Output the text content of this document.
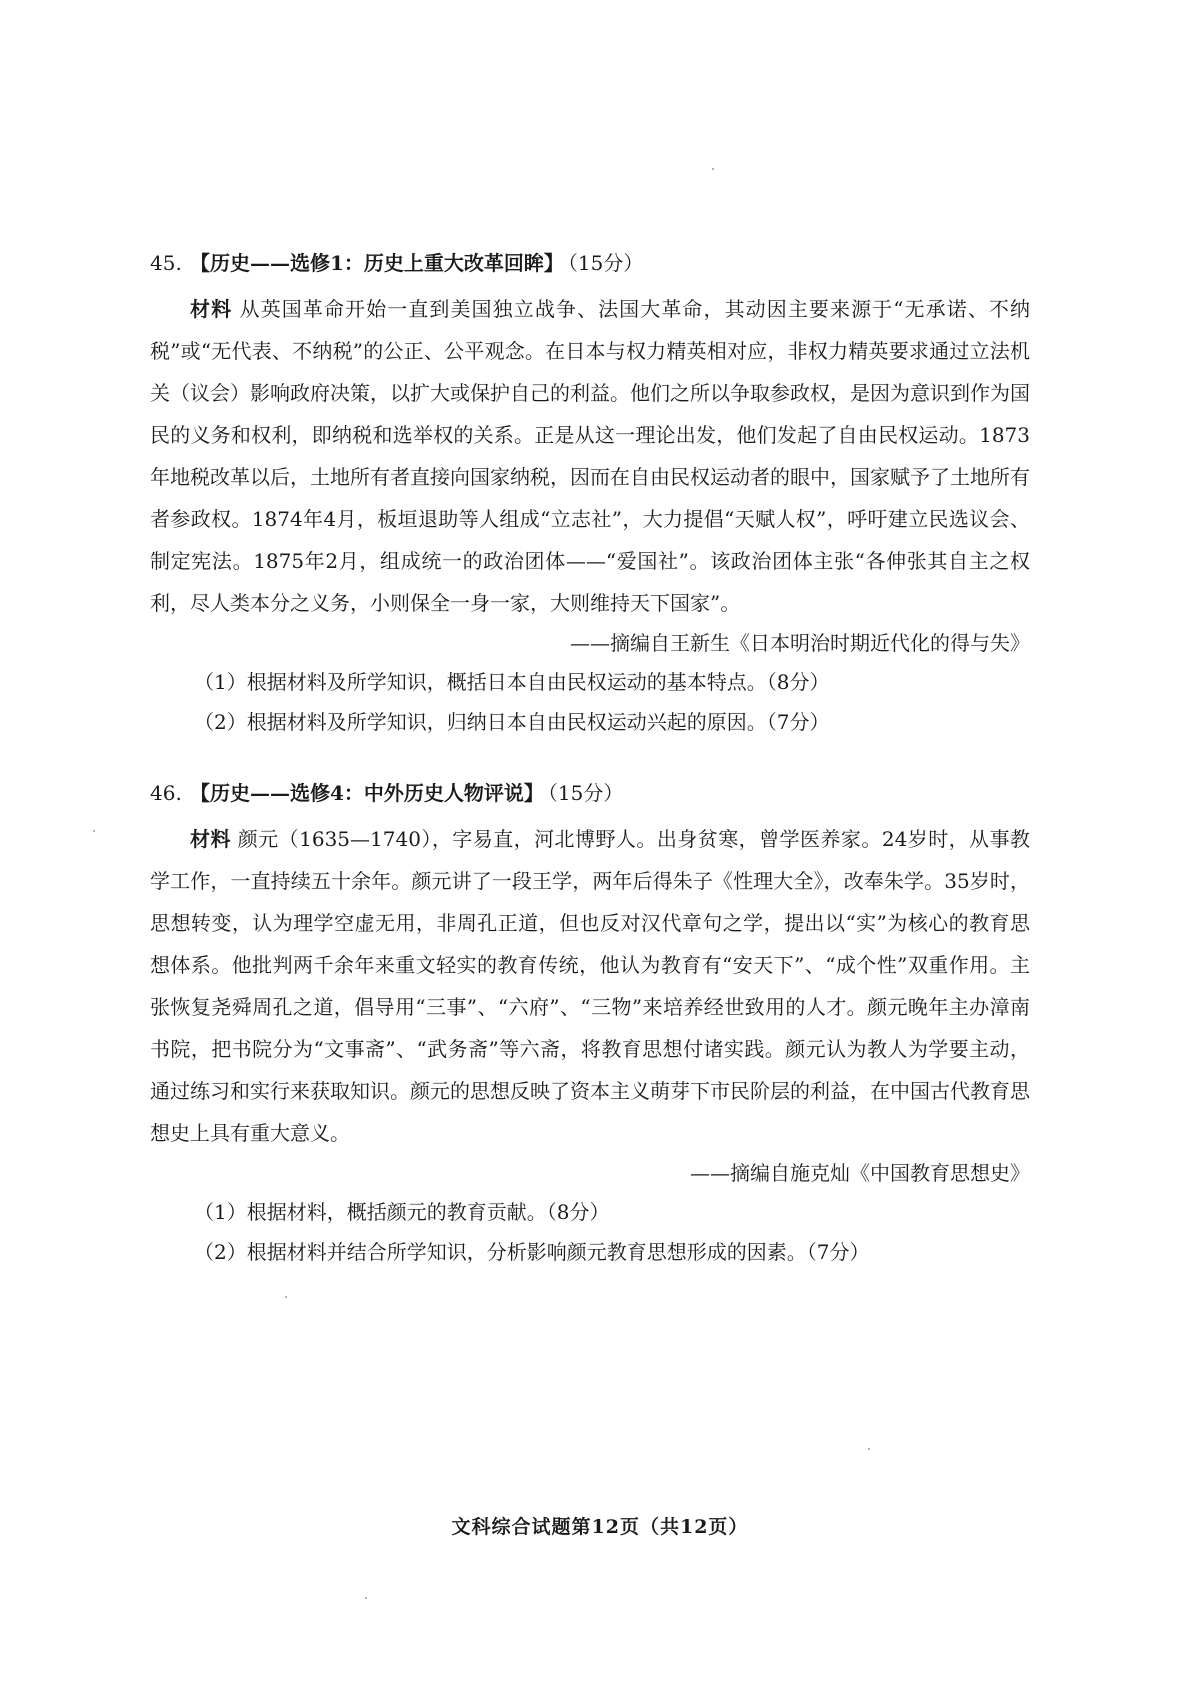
45. 【历史——选修1：历史上重大改革回眸】 （15分）
材料 从英国革命开始一直到美国独立战争、法国大革命，其动因主要来源于“无承诺、不纳税”或“无代表、不纳税”的公正、公平观念。在日本与权力精英相对应，非权力精英要求通过立法机关（议会）影响政府决策，以扩大或保护自己的利益。他们之所以争取参政权，是因为意识到作为国民的义务和权利，即纳税和选举权的关系。正是从这一理论出发，他们发起了自由民权运动。1873年地税改革以后，土地所有者直接向国家纳税，因而在自由民权运动者的眼中，国家赋予了土地所有者参政权。1874年4月，板垣退助等人组成“立志社”，大力提倡“天赋人权”，呼吁建立民选议会、制定宪法。1875年2月，组成统一的政治团体——“爱国社”。该政治团体主张“各伸张其自主之权利，尽人类本分之义务，小则保全一身一家，大则维持天下国家”。
——摘编自王新生《日本明治时期近代化的得与失》
（1）根据材料及所学知识，概括日本自由民权运动的基本特点。（8分）
（2）根据材料及所学知识，归纳日本自由民权运动兴起的原因。（7分）
46. 【历史——选修4：中外历史人物评说】 （15分）
材料 颜元（1635—1740），字易直，河北博野人。出身贫寒，曾学医养家。24岁时，从事教学工作，一直持续五十余年。颜元讲了一段王学，两年后得朱子《性理大全》，改奉朱学。35岁时，思想转变，认为理学空虚无用，非周孔正道，但也反对汉代章句之学，提出以“实”为核心的教育思想体系。他批判两千余年来重文轻实的教育传统，他认为教育有“安天下”、“成个性”双重作用。主张恢复尧舜周孔之道，倡导用“三事”、“六府”、“三物”来培养经世致用的人才。颜元晚年主办漳南书院，把书院分为“文事斋”、“武务斋”等六斋，将教育思想付诸实践。颜元认为教人为学要主动，通过练习和实行来获取知识。颜元的思想反映了资本主义萌芽下市民阶层的利益，在中国古代教育思想史上具有重大意义。
——摘编自施克灿《中国教育思想史》
（1）根据材料，概括颜元的教育贡献。（8分）
（2）根据材料并结合所学知识，分析影响颜元教育思想形成的因素。（7分）
文科综合试题第12页（共12页）
